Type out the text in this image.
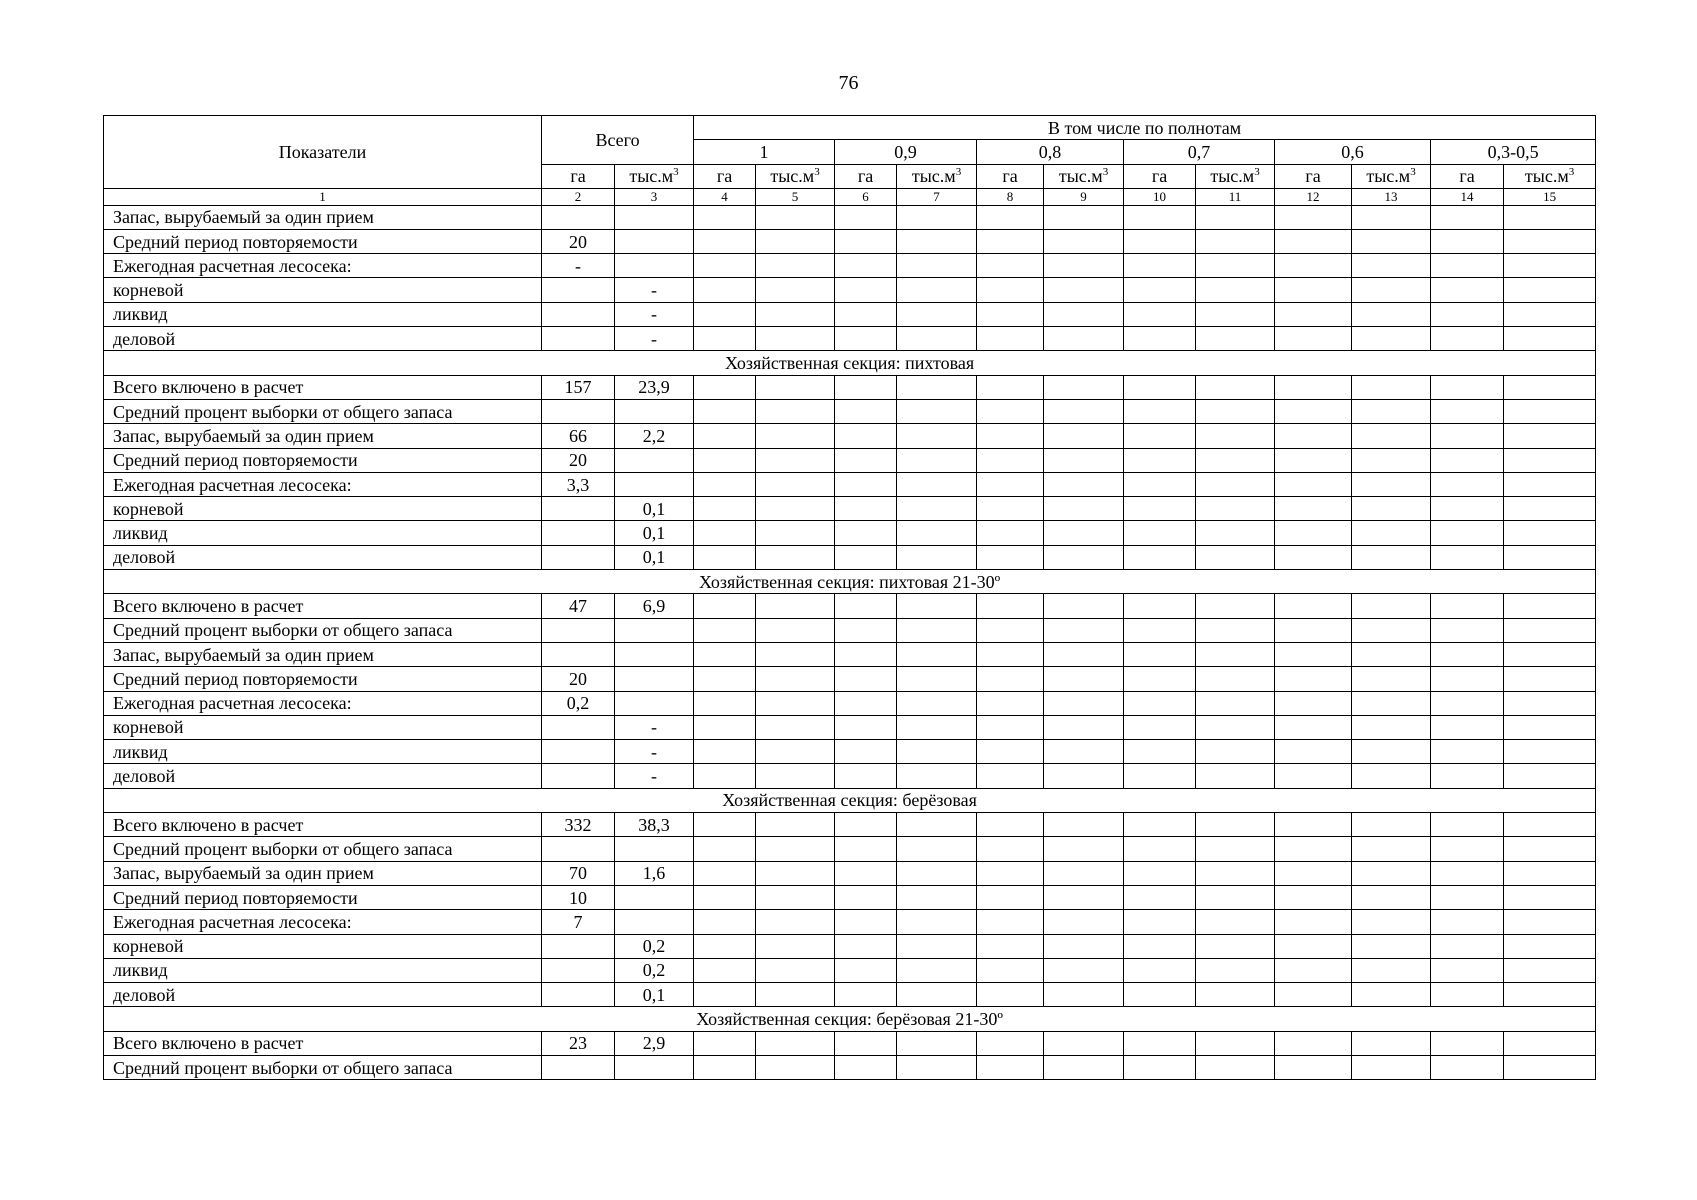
76
Показатели	Всего		В том числе по полнотам											
			1		0,9		0,8		0,7		0,6		0,3-0,5	
	га	$тыс.м^3$	га	$тыс.м^3$	га	$тыс.м^3$	га	$тыс.м^3$	га	$тыс.м^3$	га	$тыс.м^3$	га	$тыс.м^3$
1	2	3	4	5	6	7	8	9	10	11	12	13	14	15
Запас, вырубаемый за один прием														
Средний период повторяемости	20													
Ежегодная расчетная лесосека:	-													
корневой		-												
ликвид		-												
деловой		-												
Хозяйственная секция: пихтовая														
Всего включено в расчет	157	23,9												
Средний процент выборки от общего запаса														
Запас, вырубаемый за один прием	66	2,2												
Средний период повторяемости	20													
Ежегодная расчетная лесосека:	3,3													
корневой		0,1												
ликвид		0,1												
деловой		0,1												
Хозяйственная секция: пихтовая 21-30º														
Всего включено в расчет	47	6,9												
Средний процент выборки от общего запаса														
Запас, вырубаемый за один прием														
Средний период повторяемости	20													
Ежегодная расчетная лесосека:	0,2													
корневой		-												
ликвид		-												
деловой		-												
Хозяйственная секция: берёзовая														
Всего включено в расчет	332	38,3												
Средний процент выборки от общего запаса														
Запас, вырубаемый за один прием	70	1,6												
Средний период повторяемости	10													
Ежегодная расчетная лесосека:	7													
корневой		0,2												
ликвид		0,2												
деловой		0,1												
Хозяйственная секция: берёзовая 21-30º														
Всего включено в расчет	23	2,9												
Средний процент выборки от общего запаса														
